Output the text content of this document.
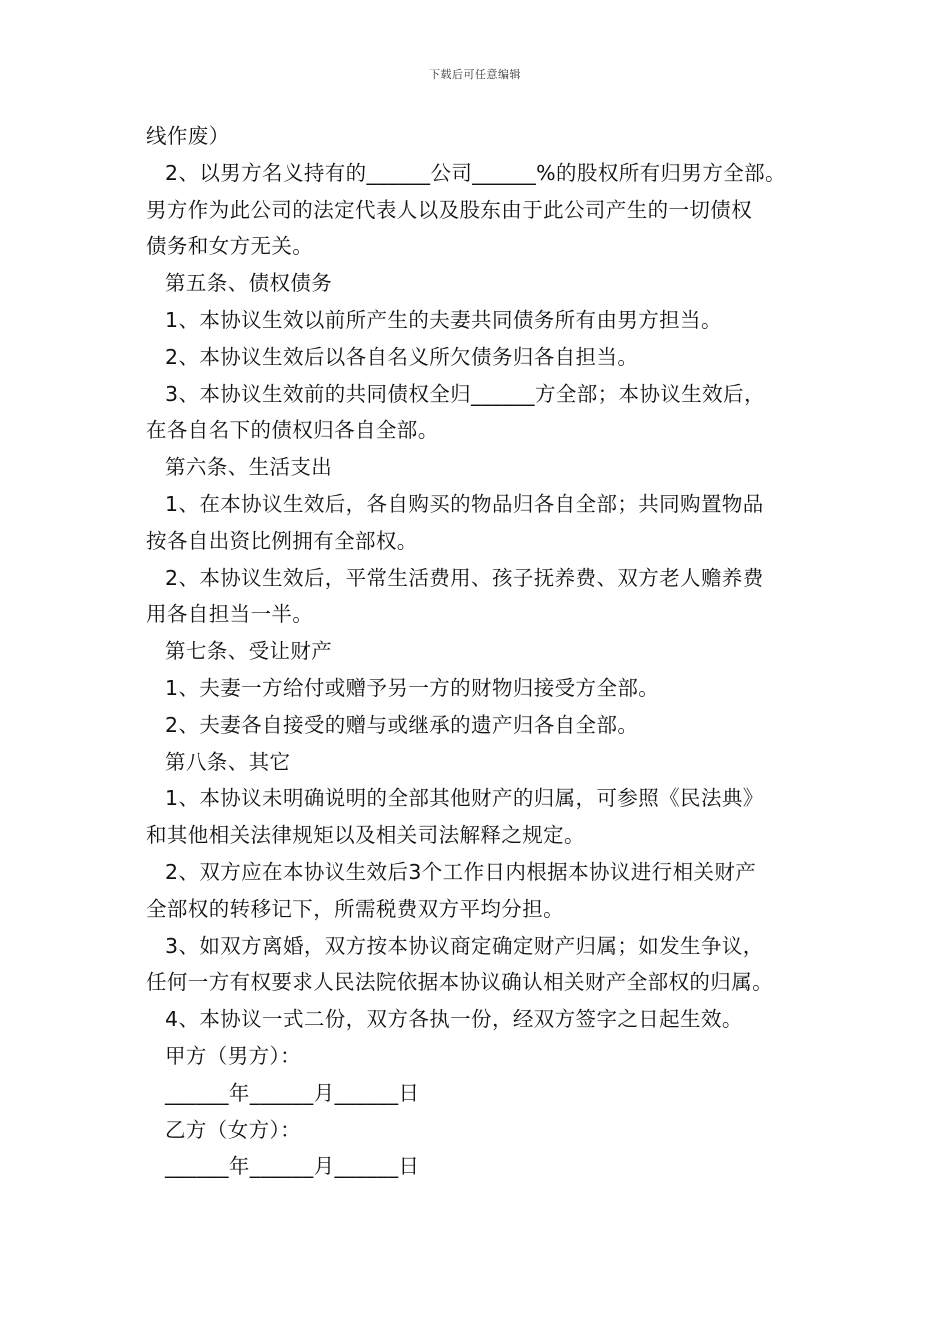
下载后可任意编辑
线作废）
2、以男方名义持有的______公司______%的股权所有归男方全部。
男方作为此公司的法定代表人以及股东由于此公司产生的一切债权
债务和女方无关。
第五条、债权债务
1、本协议生效以前所产生的夫妻共同债务所有由男方担当。
2、本协议生效后以各自名义所欠债务归各自担当。
3、本协议生效前的共同债权全归______方全部；本协议生效后，
在各自名下的债权归各自全部。
第六条、生活支出
1、在本协议生效后，各自购买的物品归各自全部；共同购置物品
按各自出资比例拥有全部权。
2、本协议生效后，平常生活费用、孩子抚养费、双方老人赡养费
用各自担当一半。
第七条、受让财产
1、夫妻一方给付或赠予另一方的财物归接受方全部。
2、夫妻各自接受的赠与或继承的遗产归各自全部。
第八条、其它
1、本协议未明确说明的全部其他财产的归属，可参照《民法典》
和其他相关法律规矩以及相关司法解释之规定。
2、双方应在本协议生效后3个工作日内根据本协议进行相关财产
全部权的转移记下，所需税费双方平均分担。
3、如双方离婚，双方按本协议商定确定财产归属；如发生争议，
任何一方有权要求人民法院依据本协议确认相关财产全部权的归属。
4、本协议一式二份，双方各执一份，经双方签字之日起生效。
甲方（男方）：
______年______月______日
乙方（女方）：
______年______月______日
